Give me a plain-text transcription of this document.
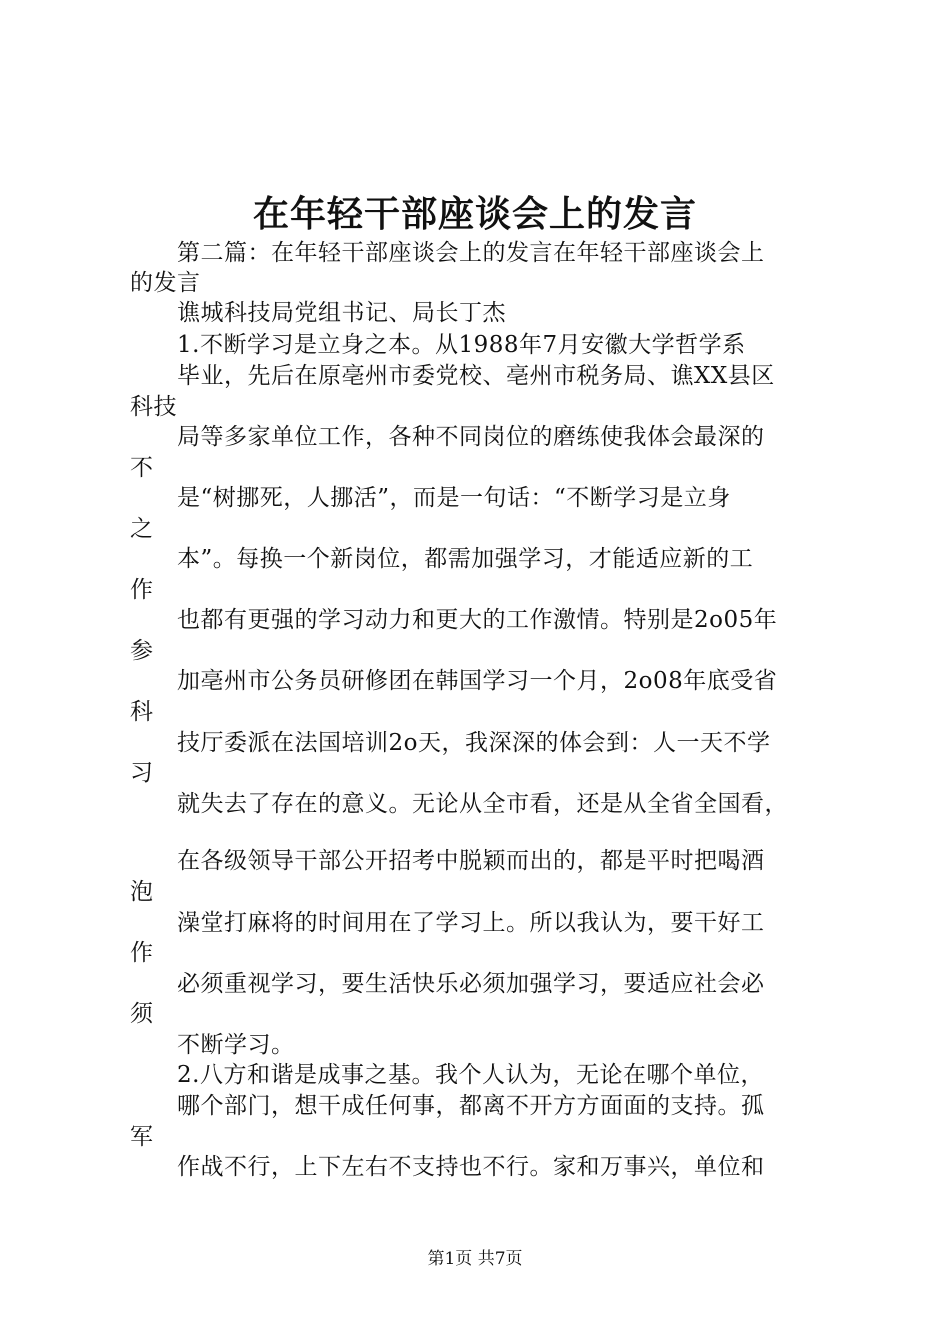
在年轻干部座谈会上的发言
　　第二篇：在年轻干部座谈会上的发言在年轻干部座谈会上
的发言
　　谯城科技局党组书记、局长丁杰
　　1.不断学习是立身之本。从1988年7月安徽大学哲学系
　　毕业，先后在原亳州市委党校、亳州市税务局、谯XX县区
科技
　　局等多家单位工作，各种不同岗位的磨练使我体会最深的
不
　　是“树挪死，人挪活”，而是一句话：“不断学习是立身
之
　　本”。每换一个新岗位，都需加强学习，才能适应新的工
作
　　也都有更强的学习动力和更大的工作激情。特别是2o05年
参
　　加亳州市公务员研修团在韩国学习一个月，2o08年底受省
科
　　技厅委派在法国培训2o天，我深深的体会到：人一天不学
习
　　就失去了存在的意义。无论从全市看，还是从全省全国看，
　　在各级领导干部公开招考中脱颖而出的，都是平时把喝酒
泡
　　澡堂打麻将的时间用在了学习上。所以我认为，要干好工
作
　　必须重视学习，要生活快乐必须加强学习，要适应社会必
须
　　不断学习。
　　2.八方和谐是成事之基。我个人认为，无论在哪个单位，
　　哪个部门，想干成任何事，都离不开方方面面的支持。孤
军
　　作战不行，上下左右不支持也不行。家和万事兴，单位和
第1页 共7页
